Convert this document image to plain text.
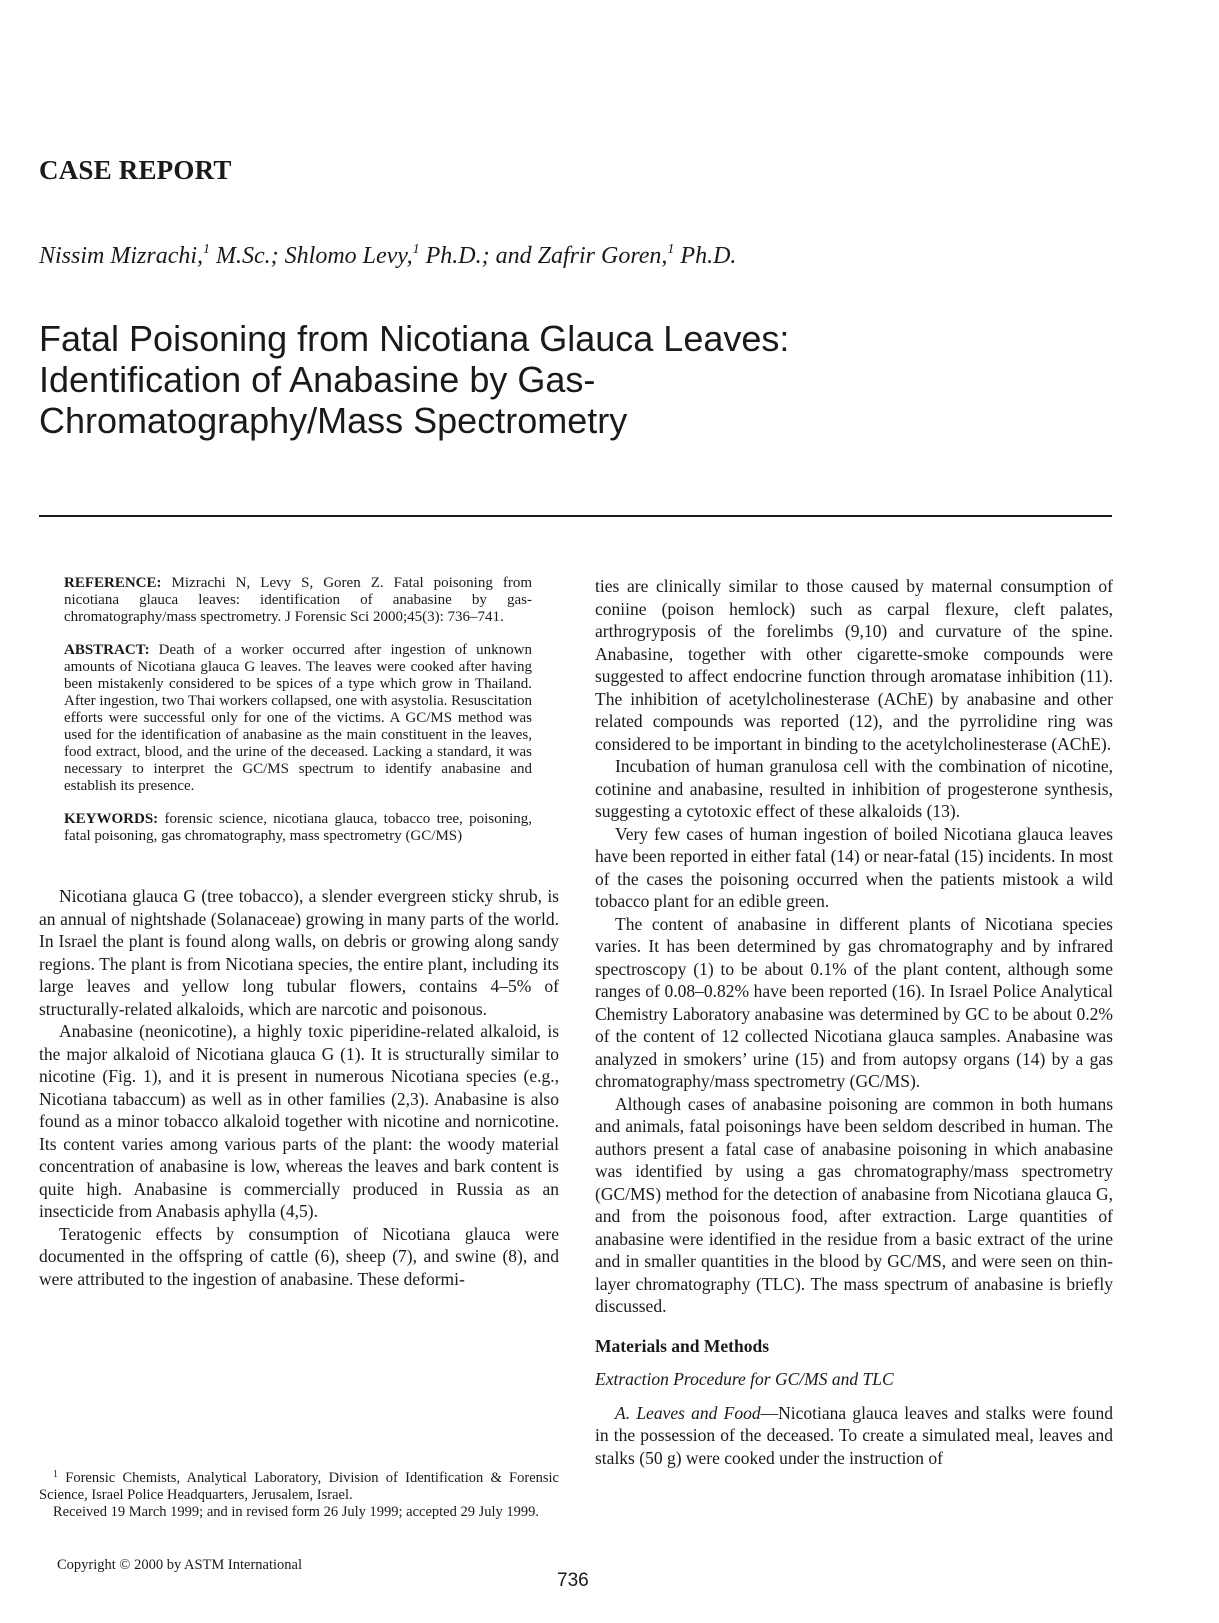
CASE REPORT
Nissim Mizrachi,$^1$ M.Sc.; Shlomo Levy,$^1$ Ph.D.; and Zafrir Goren,$^1$ Ph.D.
Fatal Poisoning from Nicotiana Glauca Leaves:
Identification of Anabasine by Gas-
Chromatography/Mass Spectrometry

REFERENCE: Mizrachi N, Levy S, Goren Z. Fatal poisoning from nicotiana glauca leaves: identification of anabasine by gas-chromatography/mass spectrometry. J Forensic Sci 2000;45(3): 736–741.

ABSTRACT: Death of a worker occurred after ingestion of unknown amounts of Nicotiana glauca G leaves. The leaves were cooked after having been mistakenly considered to be spices of a type which grow in Thailand. After ingestion, two Thai workers collapsed, one with asystolia. Resuscitation efforts were successful only for one of the victims. A GC/MS method was used for the identification of anabasine as the main constituent in the leaves, food extract, blood, and the urine of the deceased. Lacking a standard, it was necessary to interpret the GC/MS spectrum to identify anabasine and establish its presence.

KEYWORDS: forensic science, nicotiana glauca, tobacco tree, poisoning, fatal poisoning, gas chromatography, mass spectrometry (GC/MS)

Nicotiana glauca G (tree tobacco), a slender evergreen sticky shrub, is an annual of nightshade (Solanaceae) growing in many parts of the world. In Israel the plant is found along walls, on debris or growing along sandy regions. The plant is from Nicotiana species, the entire plant, including its large leaves and yellow long tubular flowers, contains 4–5% of structurally-related alkaloids, which are narcotic and poisonous.

Anabasine (neonicotine), a highly toxic piperidine-related alkaloid, is the major alkaloid of Nicotiana glauca G (1). It is structurally similar to nicotine (Fig. 1), and it is present in numerous Nicotiana species (e.g., Nicotiana tabaccum) as well as in other families (2,3). Anabasine is also found as a minor tobacco alkaloid together with nicotine and nornicotine. Its content varies among various parts of the plant: the woody material concentration of anabasine is low, whereas the leaves and bark content is quite high. Anabasine is commercially produced in Russia as an insecticide from Anabasis aphylla (4,5).

Teratogenic effects by consumption of Nicotiana glauca were documented in the offspring of cattle (6), sheep (7), and swine (8), and were attributed to the ingestion of anabasine. These deformi-

ties are clinically similar to those caused by maternal consumption of coniine (poison hemlock) such as carpal flexure, cleft palates, arthrogryposis of the forelimbs (9,10) and curvature of the spine. Anabasine, together with other cigarette-smoke compounds were suggested to affect endocrine function through aromatase inhibition (11). The inhibition of acetylcholinesterase (AChE) by anabasine and other related compounds was reported (12), and the pyrrolidine ring was considered to be important in binding to the acetylcholinesterase (AChE).

Incubation of human granulosa cell with the combination of nicotine, cotinine and anabasine, resulted in inhibition of progesterone synthesis, suggesting a cytotoxic effect of these alkaloids (13).

Very few cases of human ingestion of boiled Nicotiana glauca leaves have been reported in either fatal (14) or near-fatal (15) incidents. In most of the cases the poisoning occurred when the patients mistook a wild tobacco plant for an edible green.

The content of anabasine in different plants of Nicotiana species varies. It has been determined by gas chromatography and by infrared spectroscopy (1) to be about 0.1% of the plant content, although some ranges of 0.08–0.82% have been reported (16). In Israel Police Analytical Chemistry Laboratory anabasine was determined by GC to be about 0.2% of the content of 12 collected Nicotiana glauca samples. Anabasine was analyzed in smokers’ urine (15) and from autopsy organs (14) by a gas chromatography/mass spectrometry (GC/MS).

Although cases of anabasine poisoning are common in both humans and animals, fatal poisonings have been seldom described in human. The authors present a fatal case of anabasine poisoning in which anabasine was identified by using a gas chromatography/mass spectrometry (GC/MS) method for the detection of anabasine from Nicotiana glauca G, and from the poisonous food, after extraction. Large quantities of anabasine were identified in the residue from a basic extract of the urine and in smaller quantities in the blood by GC/MS, and were seen on thin-layer chromatography (TLC). The mass spectrum of anabasine is briefly discussed.

Materials and Methods
Extraction Procedure for GC/MS and TLC

A. Leaves and Food—Nicotiana glauca leaves and stalks were found in the possession of the deceased. To create a simulated meal, leaves and stalks (50 g) were cooked under the instruction of

$^1$ Forensic Chemists, Analytical Laboratory, Division of Identification & Forensic Science, Israel Police Headquarters, Jerusalem, Israel.

Received 19 March 1999; and in revised form 26 July 1999; accepted 29 July 1999.

Copyright © 2000 by ASTM International
736
